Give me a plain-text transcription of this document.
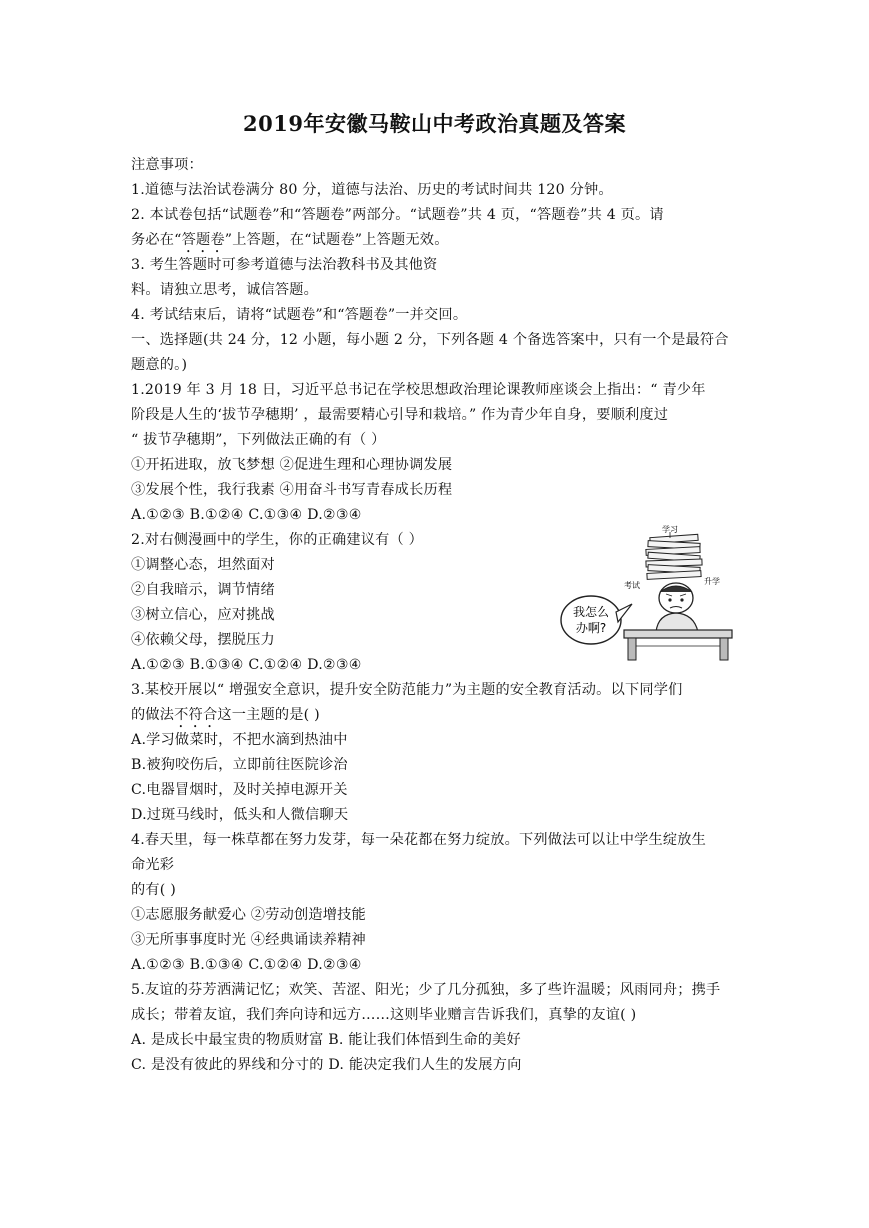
2019年安徽马鞍山中考政治真题及答案
注意事项：
1.道德与法治试卷满分 80 分，道德与法治、历史的考试时间共 120 分钟。
2. 本试卷包括“试题卷”和“答题卷”两部分。“试题卷”共 4 页，“答题卷”共 4 页。请
务必在“答题卷”上答题，在“试题卷”上答题无效。
3. 考生答题时可参考道德与法治教科书及其他资
料。请独立思考，诚信答题。
4. 考试结束后，请将“试题卷”和“答题卷”一并交回。
一、选择题(共 24 分，12 小题，每小题 2 分，下列各题 4 个备选答案中，只有一个是最符合
题意的。)
1.2019 年 3 月 18 日，习近平总书记在学校思想政治理论课教师座谈会上指出：“ 青少年
阶段是人生的‘拔节孕穗期’ ，最需要精心引导和栽培。” 作为青少年自身，要顺利度过
“ 拔节孕穗期”，下列做法正确的有（ ）
①开拓进取，放飞梦想 ②促进生理和心理协调发展
③发展个性，我行我素 ④用奋斗书写青春成长历程
A.①②③ B.①②④ C.①③④ D.②③④
2.对右侧漫画中的学生，你的正确建议有（ ）
①调整心态，坦然面对
②自我暗示，调节情绪
③树立信心，应对挑战
④依赖父母，摆脱压力
A.①②③ B.①③④ C.①②④ D.②③④
我怎么
办啊?
学习
升学
考试
3.某校开展以“ 增强安全意识，提升安全防范能力”为主题的安全教育活动。以下同学们
的做法不符合这一主题的是( )
A.学习做菜时，不把水滴到热油中
B.被狗咬伤后，立即前往医院诊治
C.电器冒烟时，及时关掉电源开关
D.过斑马线时，低头和人微信聊天
4.春天里，每一株草都在努力发芽，每一朵花都在努力绽放。下列做法可以让中学生绽放生
命光彩
的有( )
①志愿服务献爱心 ②劳动创造增技能
③无所事事度时光 ④经典诵读养精神
A.①②③ B.①③④ C.①②④ D.②③④
5.友谊的芬芳洒满记忆；欢笑、苦涩、阳光；少了几分孤独，多了些许温暖；风雨同舟；携手
成长；带着友谊，我们奔向诗和远方……这则毕业赠言告诉我们，真挚的友谊( )
A. 是成长中最宝贵的物质财富 B. 能让我们体悟到生命的美好
C. 是没有彼此的界线和分寸的 D. 能决定我们人生的发展方向
